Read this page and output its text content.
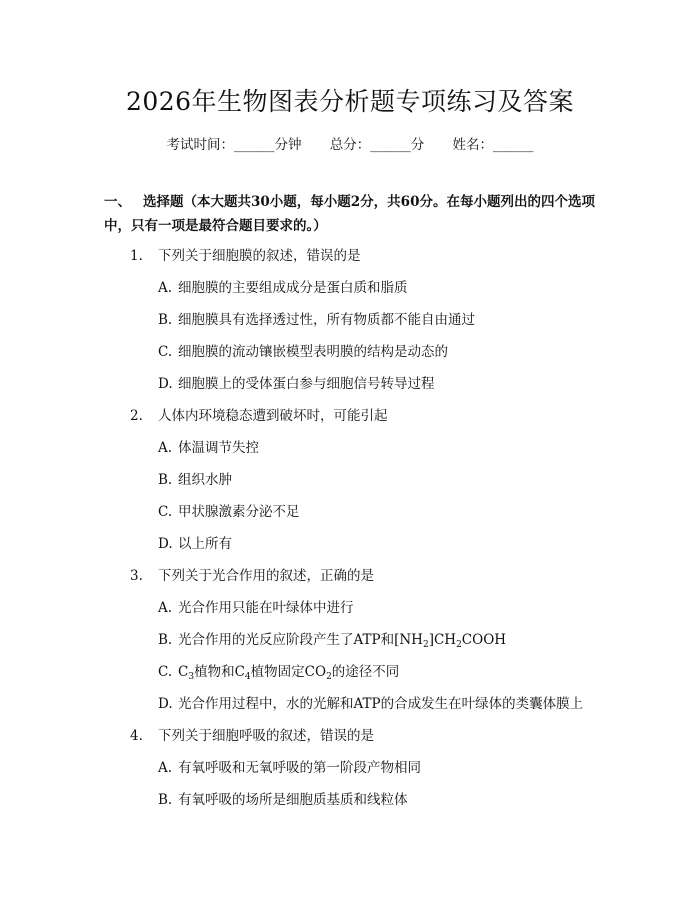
2026年生物图表分析题专项练习及答案
考试时间：______分钟 总分：______分 姓名：______
一、 选择题（本大题共30小题，每小题2分，共60分。在每小题列出的四个选项中，只有一项是最符合题目要求的。）
1. 下列关于细胞膜的叙述，错误的是
A. 细胞膜的主要组成成分是蛋白质和脂质
B. 细胞膜具有选择透过性，所有物质都不能自由通过
C. 细胞膜的流动镶嵌模型表明膜的结构是动态的
D. 细胞膜上的受体蛋白参与细胞信号转导过程
2. 人体内环境稳态遭到破坏时，可能引起
A. 体温调节失控
B. 组织水肿
C. 甲状腺激素分泌不足
D. 以上所有
3. 下列关于光合作用的叙述，正确的是
A. 光合作用只能在叶绿体中进行
B. 光合作用的光反应阶段产生了ATP和$[NH_2]CH_2COOH$
C. $C_3$植物和$C_4$植物固定$CO_2$的途径不同
D. 光合作用过程中，水的光解和ATP的合成发生在叶绿体的类囊体膜上
4. 下列关于细胞呼吸的叙述，错误的是
A. 有氧呼吸和无氧呼吸的第一阶段产物相同
B. 有氧呼吸的场所是细胞质基质和线粒体
